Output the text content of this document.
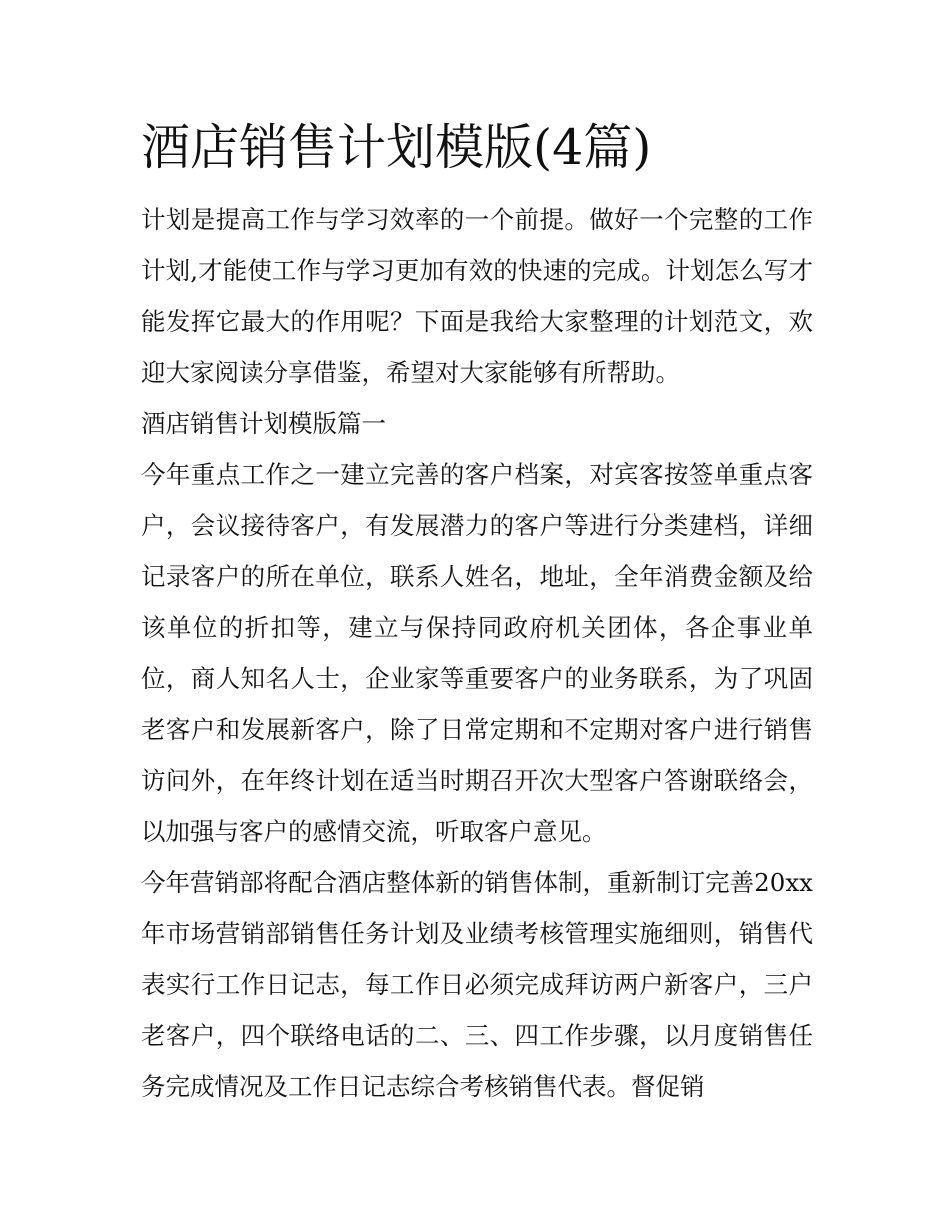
酒店销售计划模版(4篇)

计划是提高工作与学习效率的一个前提。做好一个完整的工作计划,才能使工作与学习更加有效的快速的完成。计划怎么写才能发挥它最大的作用呢？下面是我给大家整理的计划范文，欢迎大家阅读分享借鉴，希望对大家能够有所帮助。

酒店销售计划模版篇一

今年重点工作之一建立完善的客户档案，对宾客按签单重点客户，会议接待客户，有发展潜力的客户等进行分类建档，详细记录客户的所在单位，联系人姓名，地址，全年消费金额及给该单位的折扣等，建立与保持同政府机关团体，各企事业单位，商人知名人士，企业家等重要客户的业务联系，为了巩固老客户和发展新客户，除了日常定期和不定期对客户进行销售访问外，在年终计划在适当时期召开次大型客户答谢联络会，以加强与客户的感情交流，听取客户意见。

今年营销部将配合酒店整体新的销售体制，重新制订完善20xx年市场营销部销售任务计划及业绩考核管理实施细则，销售代表实行工作日记志，每工作日必须完成拜访两户新客户，三户老客户，四个联络电话的二、三、四工作步骤，以月度销售任务完成情况及工作日记志综合考核销售代表。督促销
